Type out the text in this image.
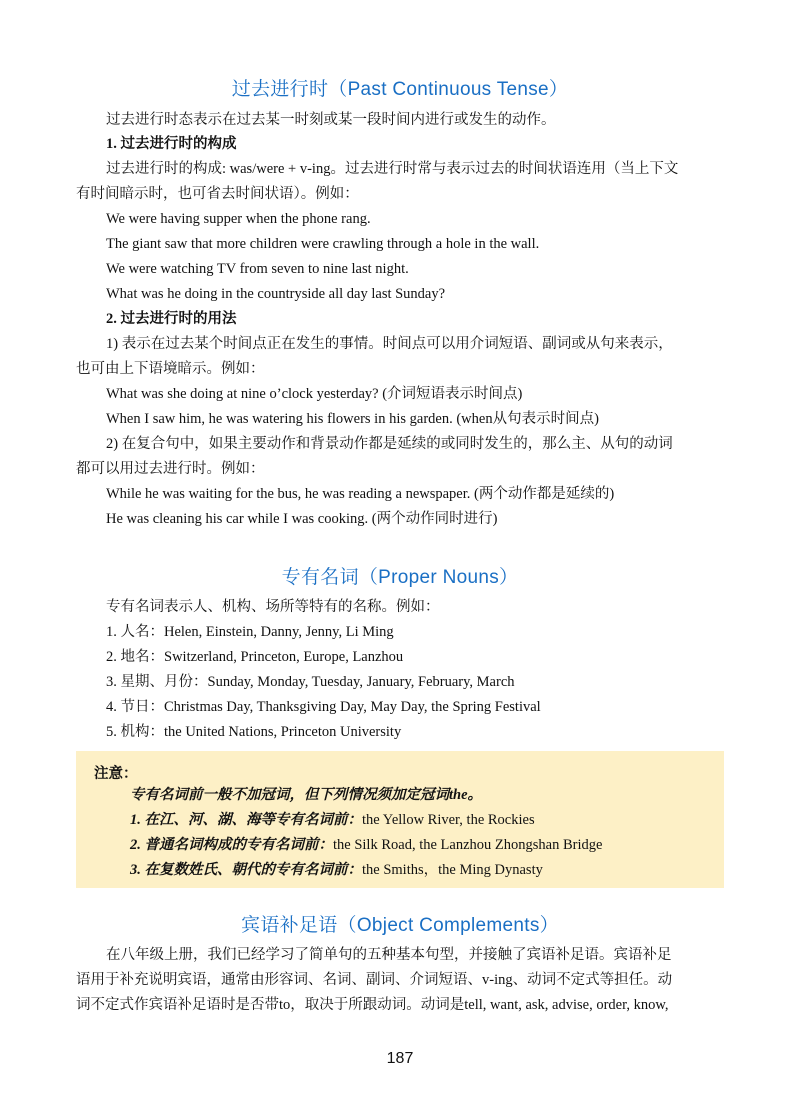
过去进行时（Past Continuous Tense）
过去进行时态表示在过去某一时刻或某一段时间内进行或发生的动作。
1. 过去进行时的构成
过去进行时的构成: was/were + v-ing。过去进行时常与表示过去的时间状语连用（当上下文
有时间暗示时，也可省去时间状语）。例如：
We were having supper when the phone rang.
The giant saw that more children were crawling through a hole in the wall.
We were watching TV from seven to nine last night.
What was he doing in the countryside all day last Sunday?
2. 过去进行时的用法
1) 表示在过去某个时间点正在发生的事情。时间点可以用介词短语、副词或从句来表示，
也可由上下语境暗示。例如：
What was she doing at nine o’clock yesterday? (介词短语表示时间点)
When I saw him, he was watering his flowers in his garden. (when从句表示时间点)
2) 在复合句中，如果主要动作和背景动作都是延续的或同时发生的，那么主、从句的动词
都可以用过去进行时。例如：
While he was waiting for the bus, he was reading a newspaper. (两个动作都是延续的)
He was cleaning his car while I was cooking. (两个动作同时进行)
专有名词（Proper Nouns）
专有名词表示人、机构、场所等特有的名称。例如：
1. 人名：Helen, Einstein, Danny, Jenny, Li Ming
2. 地名：Switzerland, Princeton, Europe, Lanzhou
3. 星期、月份：Sunday, Monday, Tuesday, January, February, March
4. 节日：Christmas Day, Thanksgiving Day, May Day, the Spring Festival
5. 机构：the United Nations, Princeton University
注意：
专有名词前一般不加冠词，但下列情况须加定冠词the。
1. 在江、河、湖、海等专有名词前：the Yellow River, the Rockies
2. 普通名词构成的专有名词前：the Silk Road, the Lanzhou Zhongshan Bridge
3. 在复数姓氏、朝代的专有名词前：the Smiths，the Ming Dynasty
宾语补足语（Object Complements）
在八年级上册，我们已经学习了简单句的五种基本句型，并接触了宾语补足语。宾语补足
语用于补充说明宾语，通常由形容词、名词、副词、介词短语、v-ing、动词不定式等担任。动
词不定式作宾语补足语时是否带to，取决于所跟动词。动词是tell, want, ask, advise, order, know,
187
